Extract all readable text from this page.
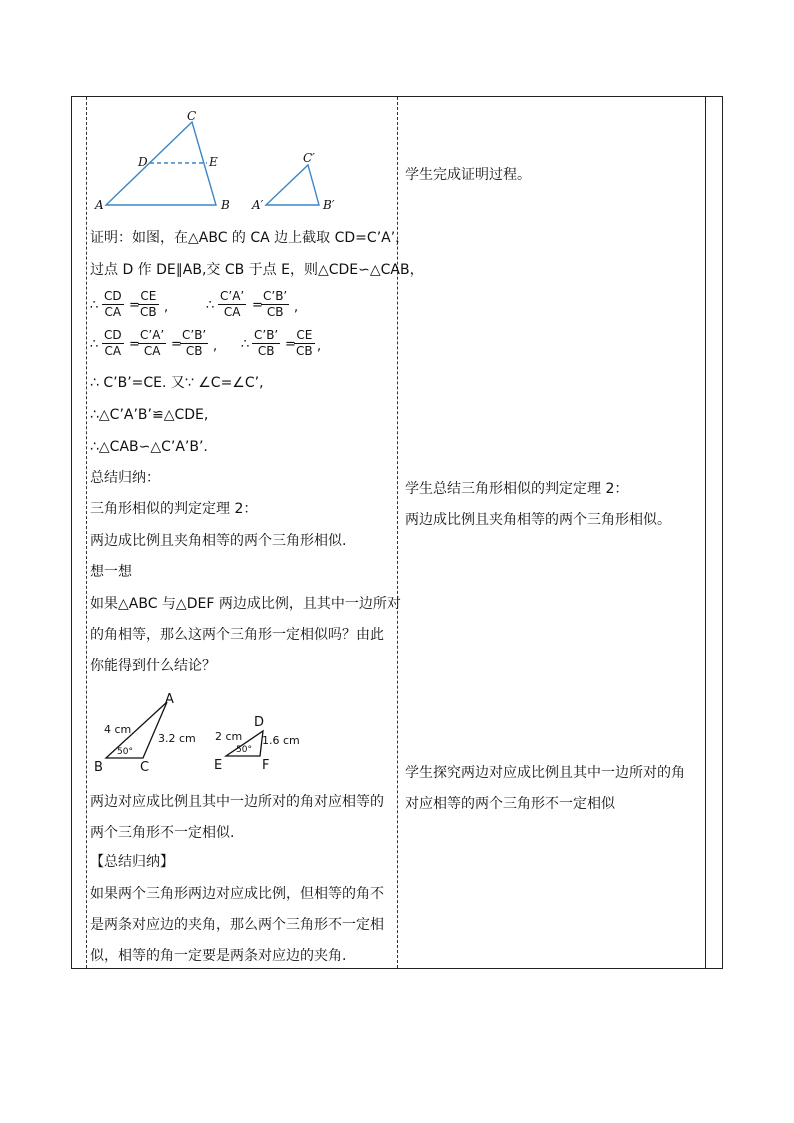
A	B
C
D	E
A′	B′
C′
证明：如图，在△ABC 的 CA 边上截取 CD=C’A’，
过点 D 作 DE∥AB,交 CB 于点 E，则△CDE∽△CAB，
∴ $\frac{CD}{CA}$ =
$\frac{CE}{CB}$ ,	∴ $\frac{C’A’}{CA}$ =
$\frac{C’B’}{CB}$ ,
∴ $\frac{CD}{CA}$ =
$\frac{C’A’}{CA}$ =
$\frac{C’B’}{CB}$ , ∴ $\frac{C’B’}{CB}$ =
$\frac{CE}{CB}$ ,
∴ C’B’=CE. 又∵ ∠C=∠C’,
∴△C’A’B’≌△CDE,
∴△CAB∽△C’A’B’.
总结归纳：
三角形相似的判定定理 2：
两边成比例且夹角相等的两个三角形相似.
想一想
如果△ABC 与△DEF 两边成比例，且其中一边所对
的角相等，那么这两个三角形一定相似吗？由此
你能得到什么结论？
A
B	C
4 cm
3.2 cm
50°
D
E	F
2 cm 1.6 cm
50°
两边对应成比例且其中一边所对的角对应相等的
两个三角形不一定相似.
【总结归纳】
如果两个三角形两边对应成比例，但相等的角不
是两条对应边的夹角，那么两个三角形不一定相
似，相等的角一定要是两条对应边的夹角.
学生完成证明过程。
学生总结三角形相似的判定定理 2：
两边成比例且夹角相等的两个三角形相似。
学生探究两边对应成比例且其中一边所对的角
对应相等的两个三角形不一定相似
